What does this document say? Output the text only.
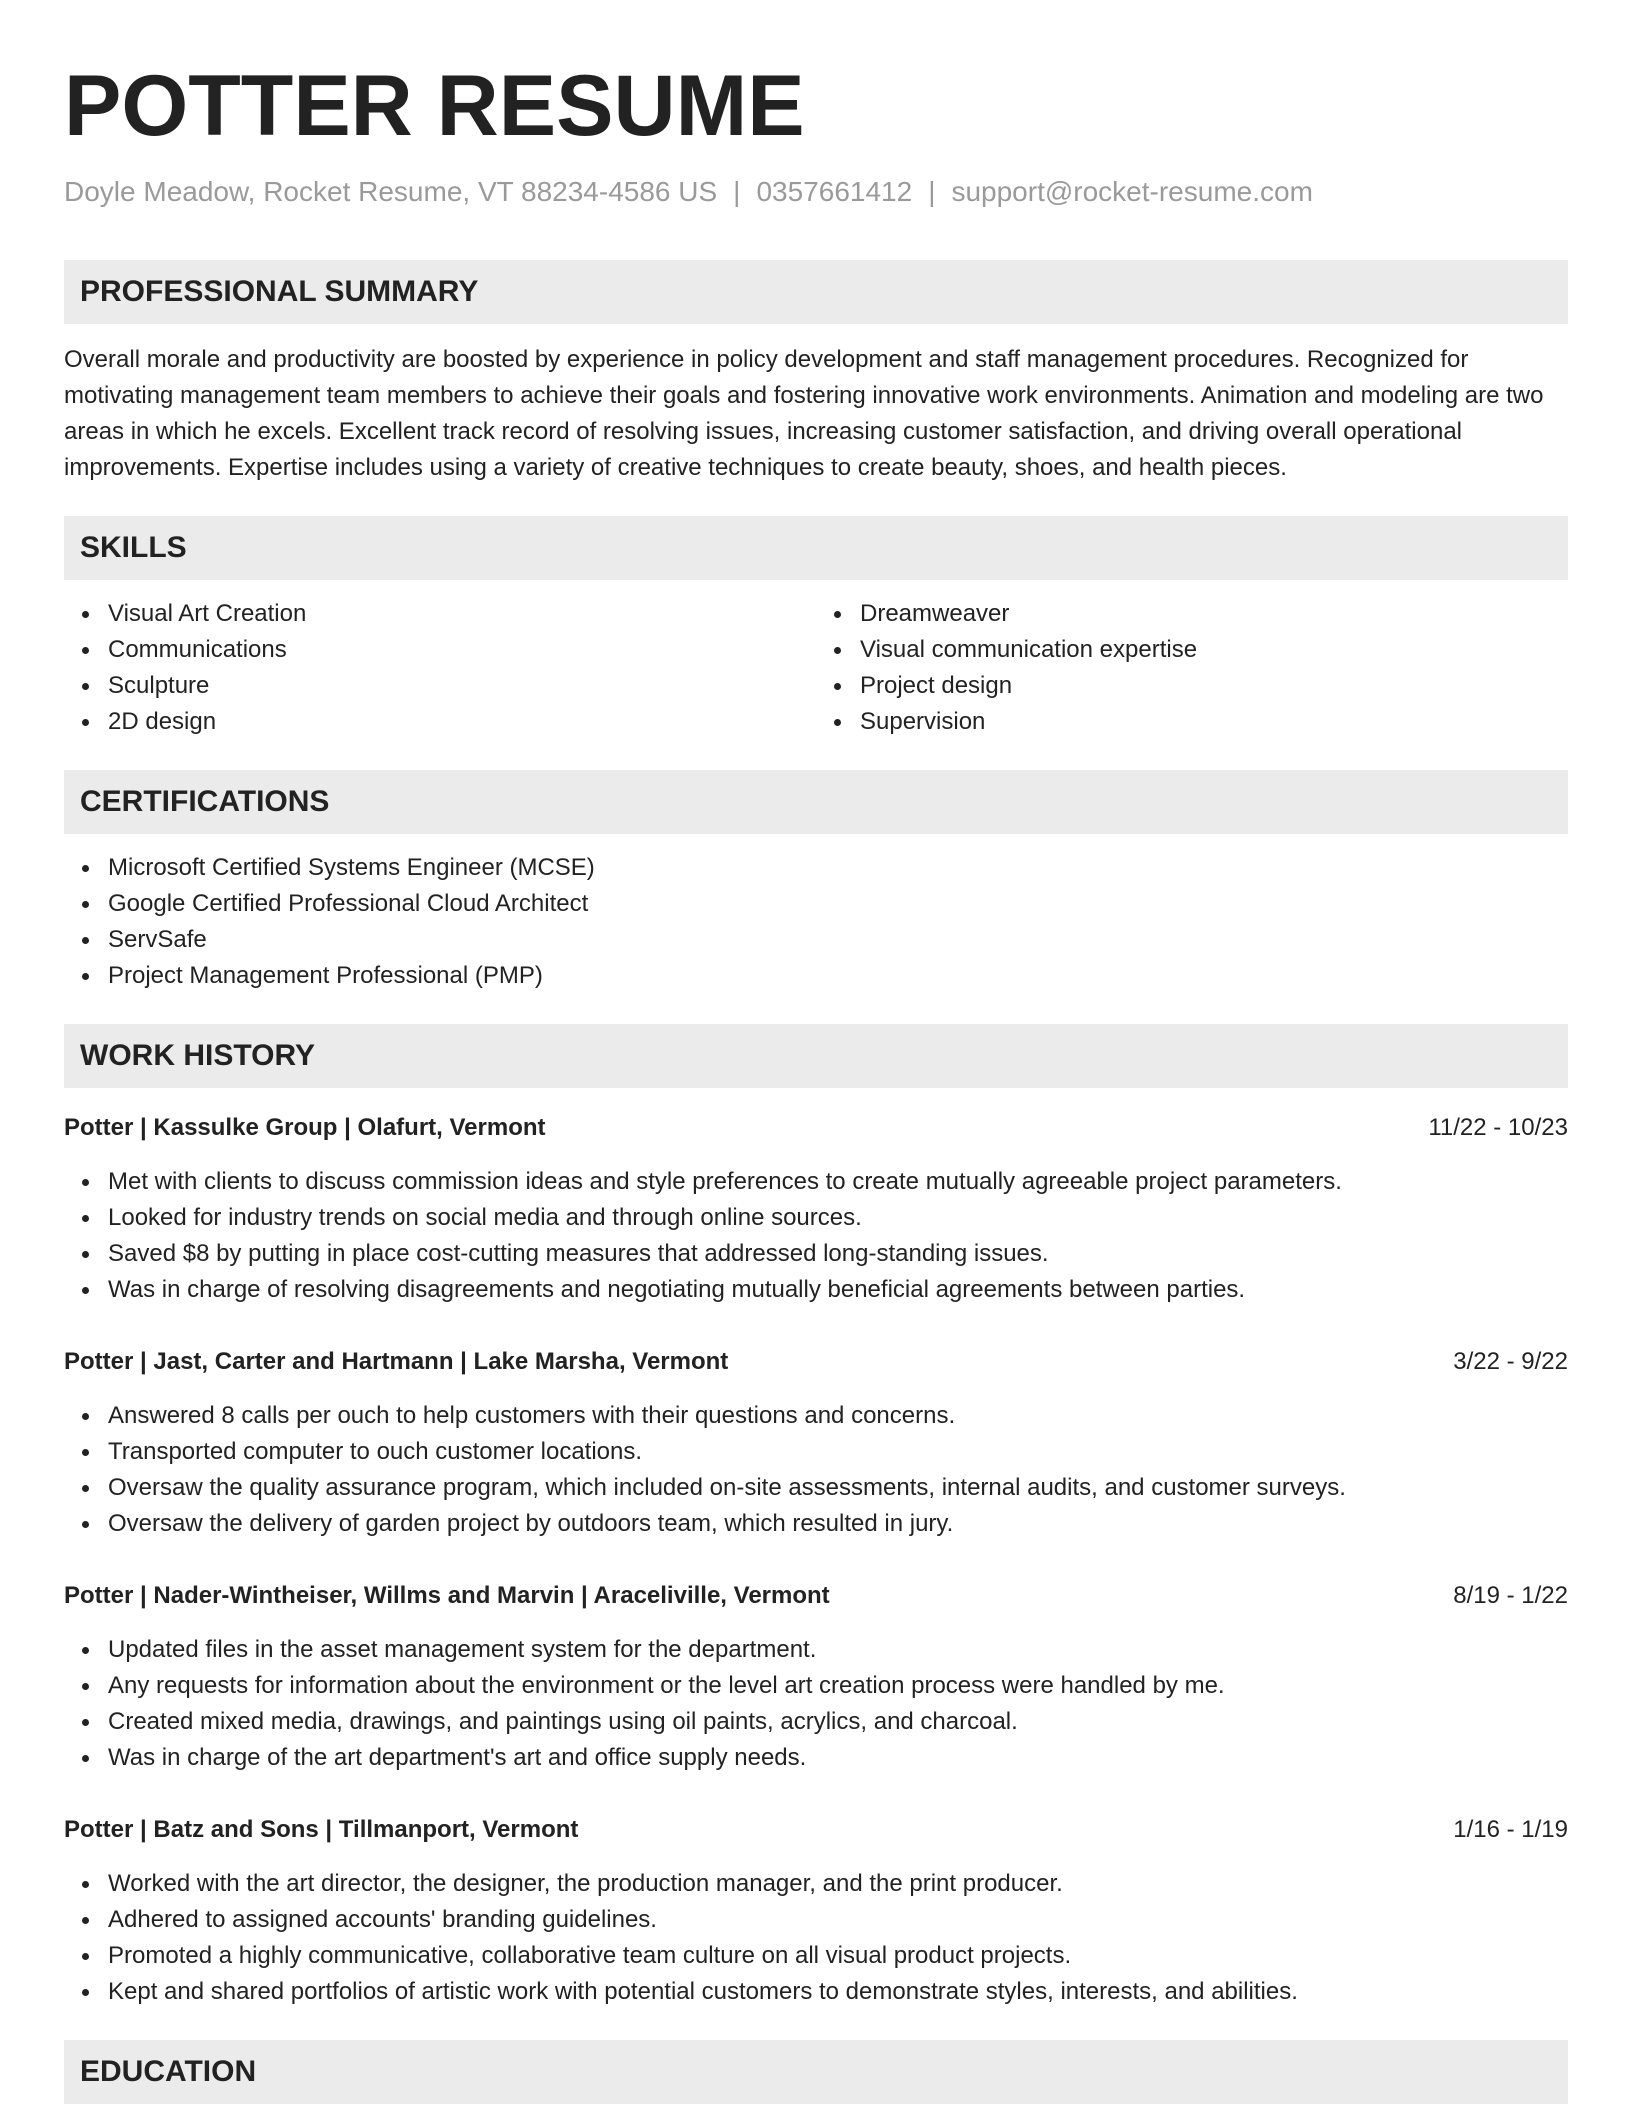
POTTER RESUME
Doyle Meadow, Rocket Resume, VT 88234-4586 US | 0357661412 | support@rocket-resume.com
PROFESSIONAL SUMMARY
Overall morale and productivity are boosted by experience in policy development and staff management procedures. Recognized for motivating management team members to achieve their goals and fostering innovative work environments. Animation and modeling are two areas in which he excels. Excellent track record of resolving issues, increasing customer satisfaction, and driving overall operational improvements. Expertise includes using a variety of creative techniques to create beauty, shoes, and health pieces.
SKILLS
Visual Art Creation
Communications
Sculpture
2D design
Dreamweaver
Visual communication expertise
Project design
Supervision
CERTIFICATIONS
Microsoft Certified Systems Engineer (MCSE)
Google Certified Professional Cloud Architect
ServSafe
Project Management Professional (PMP)
WORK HISTORY
Potter | Kassulke Group | Olafurt, Vermont	11/22 - 10/23
Met with clients to discuss commission ideas and style preferences to create mutually agreeable project parameters.
Looked for industry trends on social media and through online sources.
Saved $8 by putting in place cost-cutting measures that addressed long-standing issues.
Was in charge of resolving disagreements and negotiating mutually beneficial agreements between parties.
Potter | Jast, Carter and Hartmann | Lake Marsha, Vermont	3/22 - 9/22
Answered 8 calls per ouch to help customers with their questions and concerns.
Transported computer to ouch customer locations.
Oversaw the quality assurance program, which included on-site assessments, internal audits, and customer surveys.
Oversaw the delivery of garden project by outdoors team, which resulted in jury.
Potter | Nader-Wintheiser, Willms and Marvin | Araceliville, Vermont	8/19 - 1/22
Updated files in the asset management system for the department.
Any requests for information about the environment or the level art creation process were handled by me.
Created mixed media, drawings, and paintings using oil paints, acrylics, and charcoal.
Was in charge of the art department's art and office supply needs.
Potter | Batz and Sons | Tillmanport, Vermont	1/16 - 1/19
Worked with the art director, the designer, the production manager, and the print producer.
Adhered to assigned accounts' branding guidelines.
Promoted a highly communicative, collaborative team culture on all visual product projects.
Kept and shared portfolios of artistic work with potential customers to demonstrate styles, interests, and abilities.
EDUCATION
